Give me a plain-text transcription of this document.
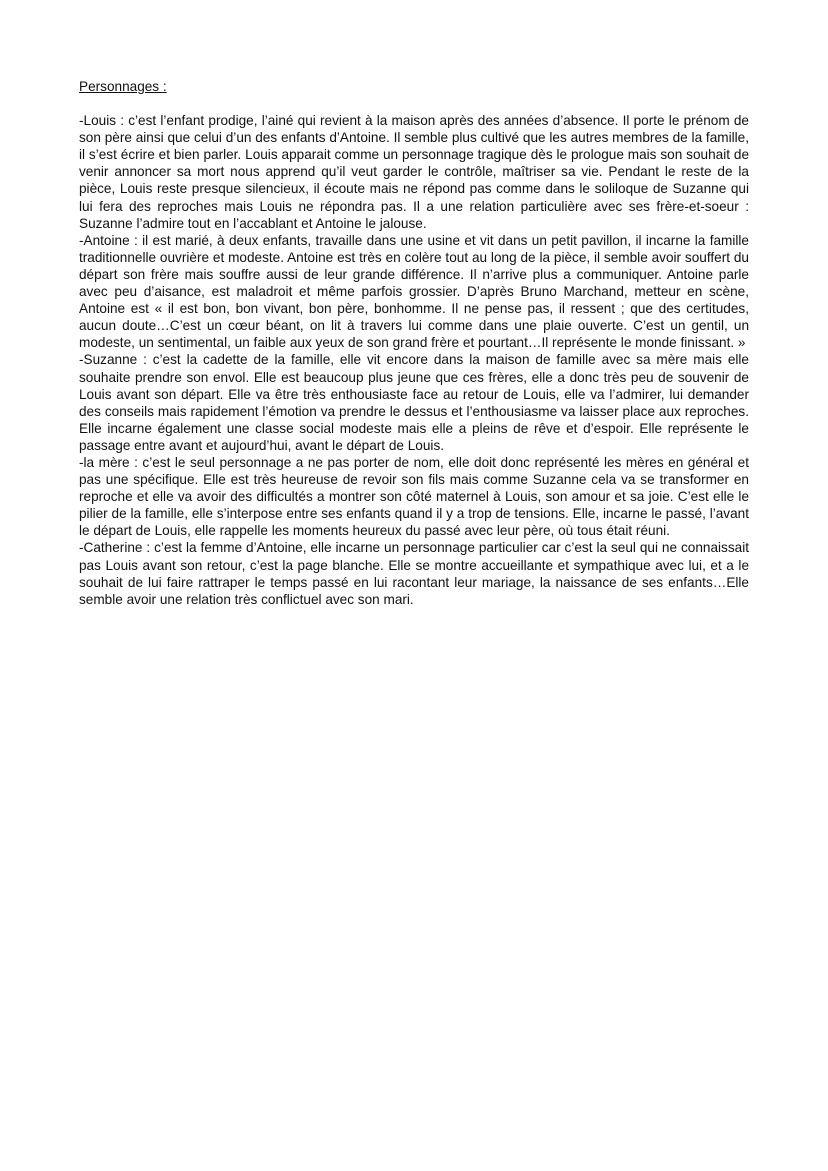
Personnages :

-Louis : c’est l’enfant prodige, l’ainé qui revient à la maison après des années d’absence. Il porte le prénom de son père ainsi que celui d’un des enfants d’Antoine. Il semble plus cultivé que les autres membres de la famille, il s’est écrire et bien parler. Louis apparait comme un personnage tragique dès le prologue mais son souhait de venir annoncer sa mort nous apprend qu’il veut garder le contrôle, maîtriser sa vie. Pendant le reste de la pièce, Louis reste presque silencieux, il écoute mais ne répond pas comme dans le soliloque de Suzanne qui lui fera des reproches mais Louis ne répondra pas. Il a une relation particulière avec ses frère-et-soeur : Suzanne l’admire tout en l’accablant et Antoine le jalouse.

-Antoine : il est marié, à deux enfants, travaille dans une usine et vit dans un petit pavillon, il incarne la famille traditionnelle ouvrière et modeste. Antoine est très en colère tout au long de la pièce, il semble avoir souffert du départ son frère mais souffre aussi de leur grande différence. Il n’arrive plus a communiquer. Antoine parle avec peu d’aisance, est maladroit et même parfois grossier. D’après Bruno Marchand, metteur en scène, Antoine est « il est bon, bon vivant, bon père, bonhomme. Il ne pense pas, il ressent ; que des certitudes, aucun doute…C’est un cœur béant, on lit à travers lui comme dans une plaie ouverte. C’est un gentil, un modeste, un sentimental, un faible aux yeux de son grand frère et pourtant…Il représente le monde finissant. »

-Suzanne : c’est la cadette de la famille, elle vit encore dans la maison de famille avec sa mère mais elle souhaite prendre son envol. Elle est beaucoup plus jeune que ces frères, elle a donc très peu de souvenir de Louis avant son départ. Elle va être très enthousiaste face au retour de Louis, elle va l’admirer, lui demander des conseils mais rapidement l’émotion va prendre le dessus et l’enthousiasme va laisser place aux reproches. Elle incarne également une classe social modeste mais elle a pleins de rêve et d’espoir. Elle représente le passage entre avant et aujourd’hui, avant le départ de Louis.

-la mère : c’est le seul personnage a ne pas porter de nom, elle doit donc représenté les mères en général et pas une spécifique. Elle est très heureuse de revoir son fils mais comme Suzanne cela va se transformer en reproche et elle va avoir des difficultés a montrer son côté maternel à Louis, son amour et sa joie. C’est elle le pilier de la famille, elle s’interpose entre ses enfants quand il y a trop de tensions. Elle, incarne le passé, l’avant le départ de Louis, elle rappelle les moments heureux du passé avec leur père, où tous était réuni.

-Catherine : c’est la femme d’Antoine, elle incarne un personnage particulier car c’est la seul qui ne connaissait pas Louis avant son retour, c’est la page blanche. Elle se montre accueillante et sympathique avec lui, et a le souhait de lui faire rattraper le temps passé en lui racontant leur mariage, la naissance de ses enfants…Elle semble avoir une relation très conflictuel avec son mari.
